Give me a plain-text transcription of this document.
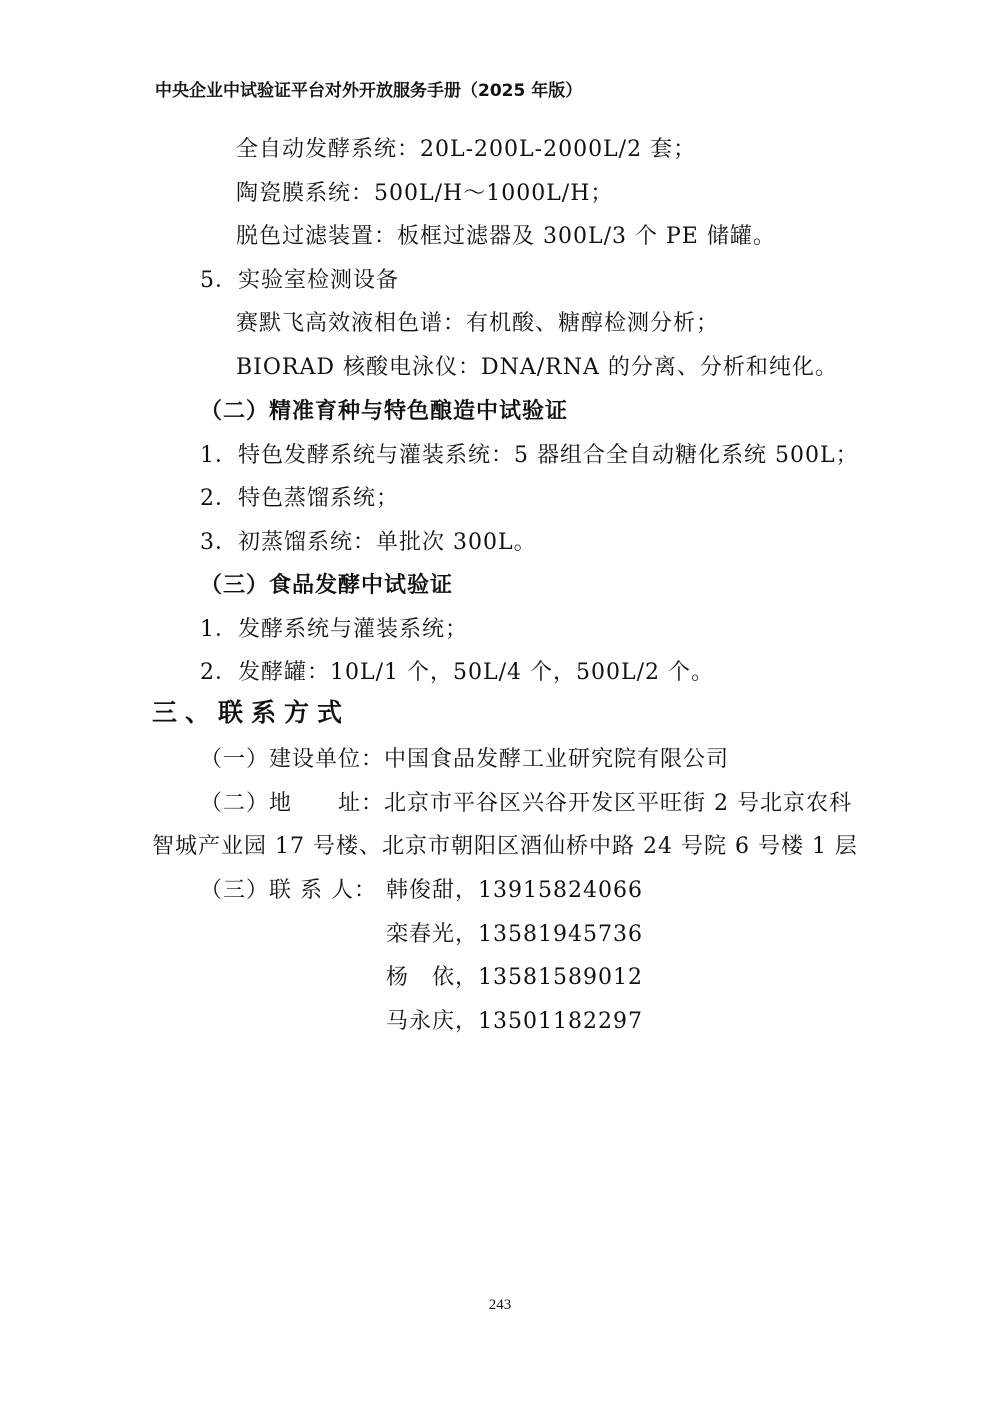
中央企业中试验证平台对外开放服务手册（2025 年版）
全自动发酵系统：20L-200L-2000L/2 套；
陶瓷膜系统：500L/H～1000L/H；
脱色过滤装置：板框过滤器及 300L/3 个 PE 储罐。
5．实验室检测设备
赛默飞高效液相色谱：有机酸、糖醇检测分析；
BIORAD 核酸电泳仪：DNA/RNA 的分离、分析和纯化。
（二）精准育种与特色酿造中试验证
1．特色发酵系统与灌装系统：5 器组合全自动糖化系统 500L；
2．特色蒸馏系统；
3．初蒸馏系统：单批次 300L。
（三）食品发酵中试验证
1．发酵系统与灌装系统；
2．发酵罐：10L/1 个，50L/4 个，500L/2 个。
三、联系方式
（一）建设单位：中国食品发酵工业研究院有限公司
（二）地　　址：北京市平谷区兴谷开发区平旺街 2 号北京农科
智城产业园 17 号楼、北京市朝阳区酒仙桥中路 24 号院 6 号楼 1 层
（三）联 系 人： 韩俊甜，13915824066
栾春光，13581945736
杨　依，13581589012
马永庆，13501182297
243
